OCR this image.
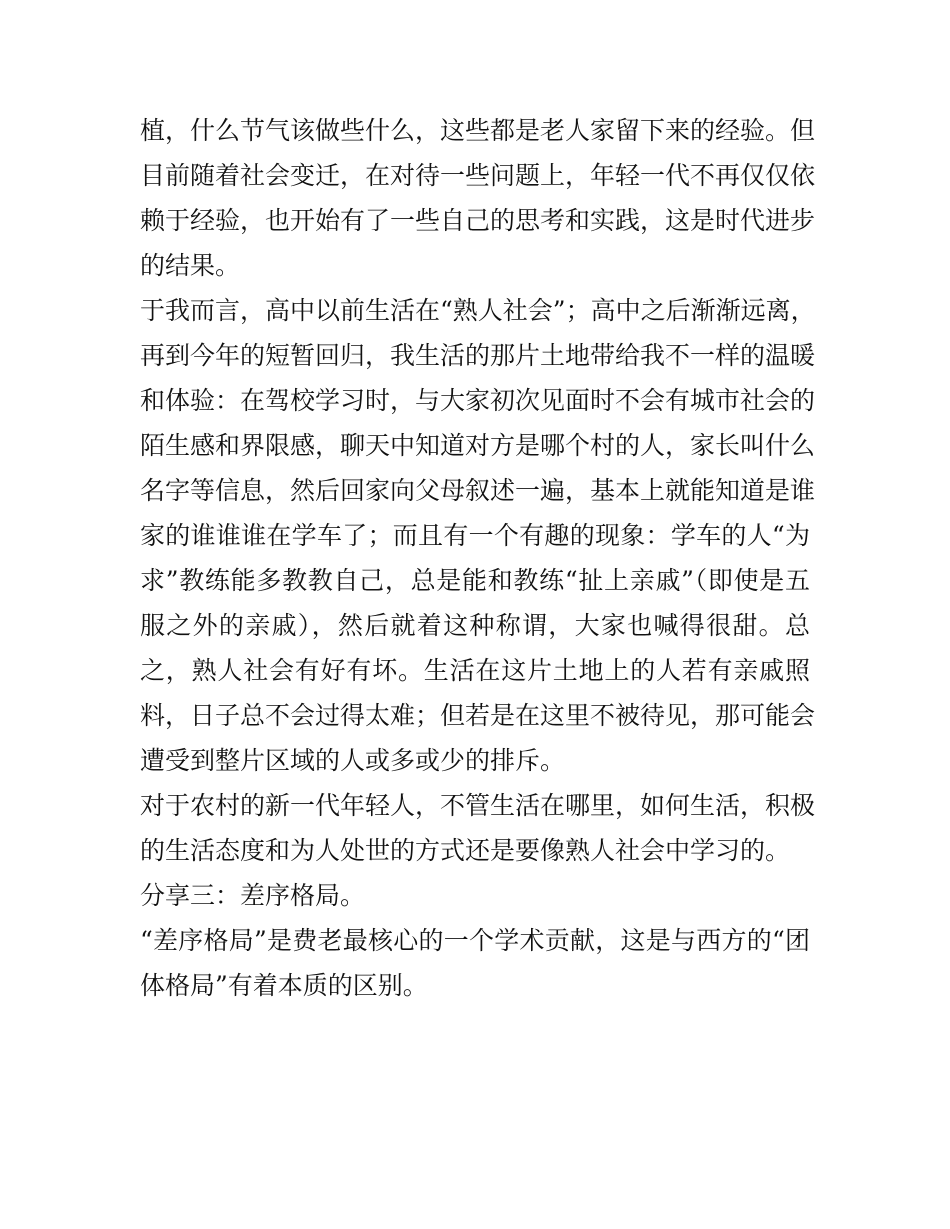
植，什么节气该做些什么，这些都是老人家留下来的经验。但
目前随着社会变迁，在对待一些问题上，年轻一代不再仅仅依
赖于经验，也开始有了一些自己的思考和实践，这是时代进步
的结果。
于我而言，高中以前生活在“熟人社会”；高中之后渐渐远离，
再到今年的短暂回归，我生活的那片土地带给我不一样的温暖
和体验：在驾校学习时，与大家初次见面时不会有城市社会的
陌生感和界限感，聊天中知道对方是哪个村的人，家长叫什么
名字等信息，然后回家向父母叙述一遍，基本上就能知道是谁
家的谁谁谁在学车了；而且有一个有趣的现象：学车的人“为
求”教练能多教教自己，总是能和教练“扯上亲戚”（即使是五
服之外的亲戚），然后就着这种称谓，大家也喊得很甜。总
之，熟人社会有好有坏。生活在这片土地上的人若有亲戚照
料，日子总不会过得太难；但若是在这里不被待见，那可能会
遭受到整片区域的人或多或少的排斥。
对于农村的新一代年轻人，不管生活在哪里，如何生活，积极
的生活态度和为人处世的方式还是要像熟人社会中学习的。
分享三：差序格局。
“差序格局”是费老最核心的一个学术贡献，这是与西方的“团
体格局”有着本质的区别。
